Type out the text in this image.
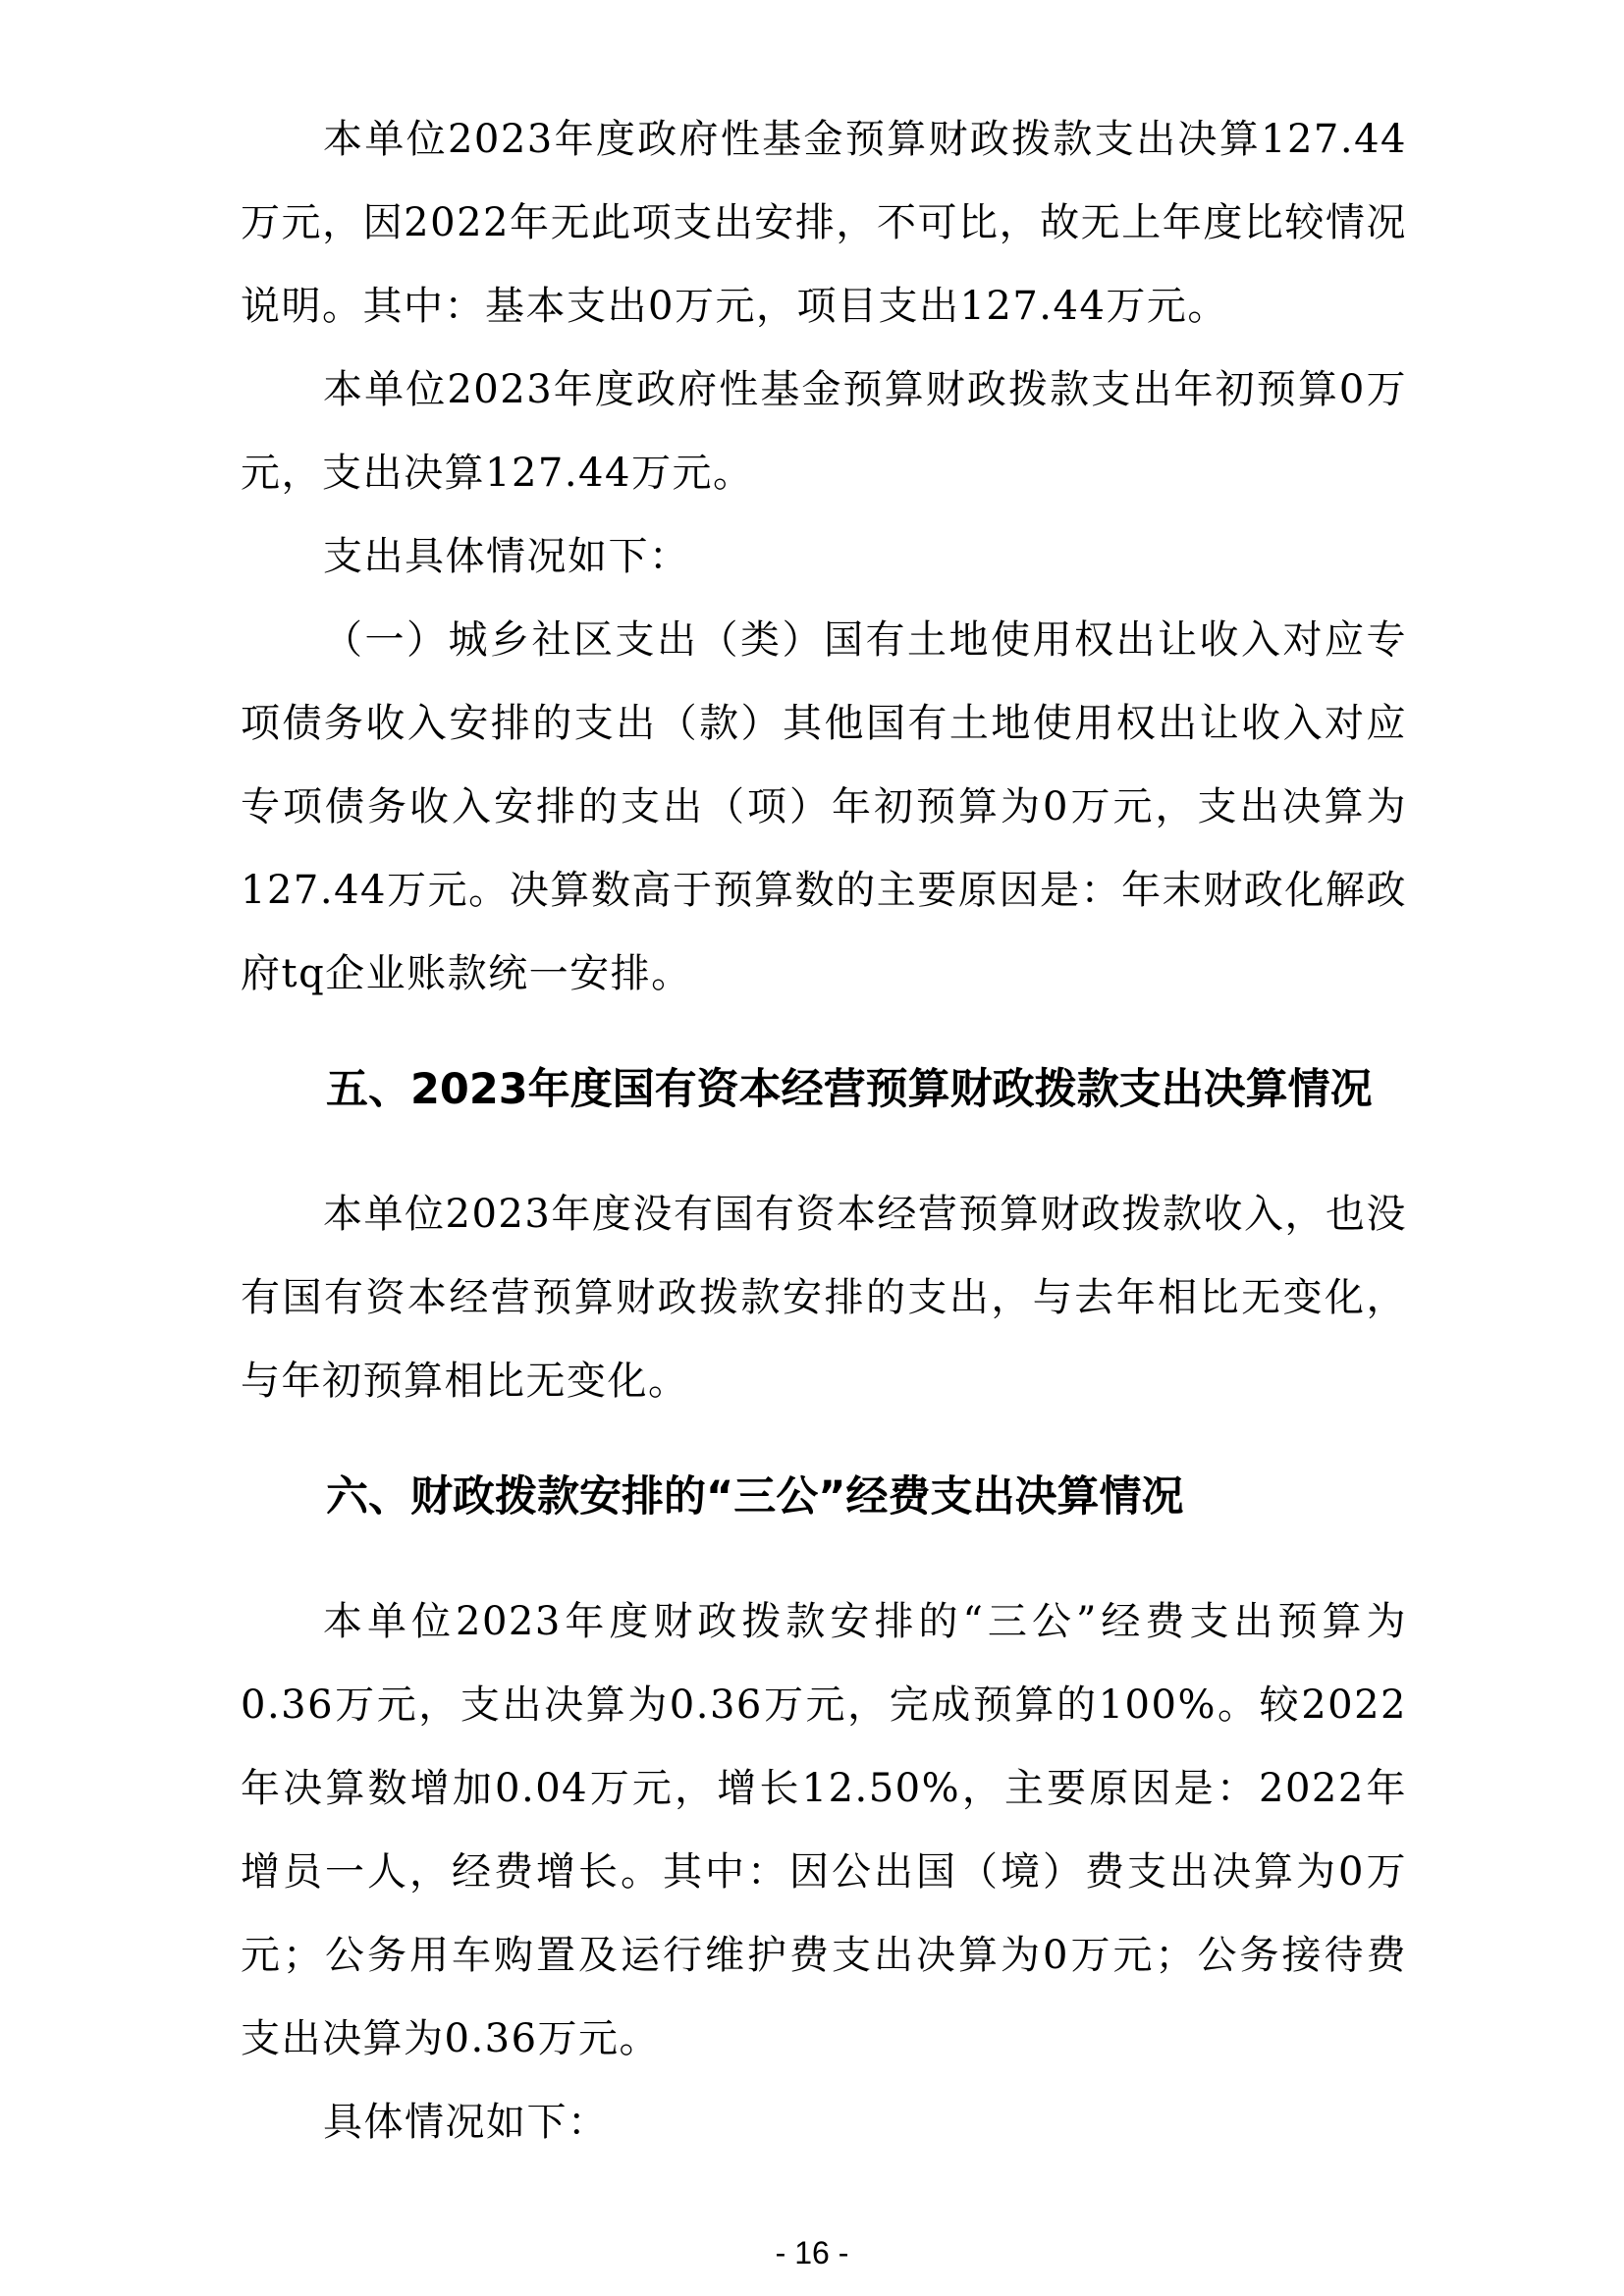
本单位2023年度政府性基金预算财政拨款支出决算127.44万元，因2022年无此项支出安排，不可比，故无上年度比较情况说明。其中：基本支出0万元，项目支出127.44万元。

本单位2023年度政府性基金预算财政拨款支出年初预算0万元，支出决算127.44万元。

支出具体情况如下：

（一）城乡社区支出（类）国有土地使用权出让收入对应专项债务收入安排的支出（款）其他国有土地使用权出让收入对应专项债务收入安排的支出（项）年初预算为0万元，支出决算为127.44万元。决算数高于预算数的主要原因是：年末财政化解政府tq企业账款统一安排。

五、2023年度国有资本经营预算财政拨款支出决算情况

本单位2023年度没有国有资本经营预算财政拨款收入，也没有国有资本经营预算财政拨款安排的支出，与去年相比无变化，与年初预算相比无变化。

六、财政拨款安排的“三公”经费支出决算情况

本单位2023年度财政拨款安排的“三公”经费支出预算为0.36万元，支出决算为0.36万元，完成预算的100%。较2022年决算数增加0.04万元，增长12.50%，主要原因是：2022年增员一人，经费增长。其中：因公出国（境）费支出决算为0万元；公务用车购置及运行维护费支出决算为0万元；公务接待费支出决算为0.36万元。

具体情况如下：

- 16 -
